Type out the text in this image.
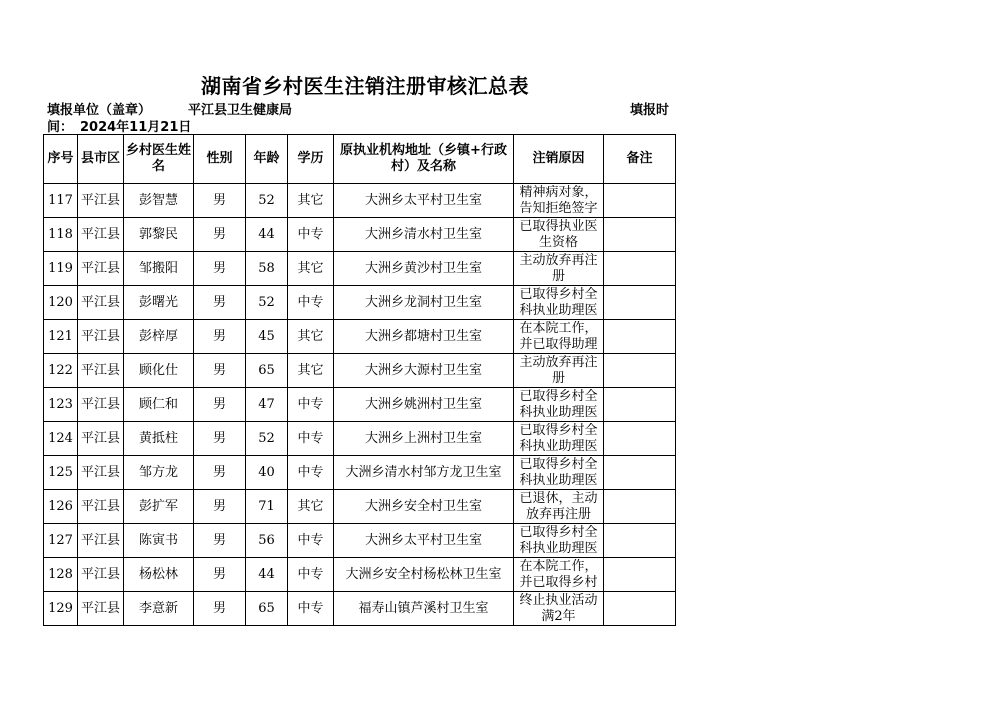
湖南省乡村医生注销注册审核汇总表
填报单位（盖章）	平江县卫生健康局	填报时
间： 2024年11月21日
序号	县市区	乡村医生姓名	性别	年龄	学历	原执业机构地址（乡镇+行政村）及名称	注销原因	备注
117	平江县	彭智慧	男	52	其它	大洲乡太平村卫生室	精神病对象，告知拒绝签字	

118	平江县	郭黎民	男	44	中专	大洲乡清水村卫生室	已取得执业医生资格	

119	平江县	邹搬阳	男	58	其它	大洲乡黄沙村卫生室	主动放弃再注册	

120	平江县	彭曙光	男	52	中专	大洲乡龙洞村卫生室	已取得乡村全科执业助理医	

121	平江县	彭梓厚	男	45	其它	大洲乡都塘村卫生室	在本院工作，并已取得助理	

122	平江县	顾化仕	男	65	其它	大洲乡大源村卫生室	主动放弃再注册	

123	平江县	顾仁和	男	47	中专	大洲乡姚洲村卫生室	已取得乡村全科执业助理医	

124	平江县	黄抵柱	男	52	中专	大洲乡上洲村卫生室	已取得乡村全科执业助理医	

125	平江县	邹方龙	男	40	中专	大洲乡清水村邹方龙卫生室	已取得乡村全科执业助理医	

126	平江县	彭扩军	男	71	其它	大洲乡安全村卫生室	已退休，主动放弃再注册	

127	平江县	陈寅书	男	56	中专	大洲乡太平村卫生室	已取得乡村全科执业助理医	

128	平江县	杨松林	男	44	中专	大洲乡安全村杨松林卫生室	在本院工作，并已取得乡村	

129	平江县	李意新	男	65	中专	福寿山镇芦溪村卫生室	终止执业活动满2年	
